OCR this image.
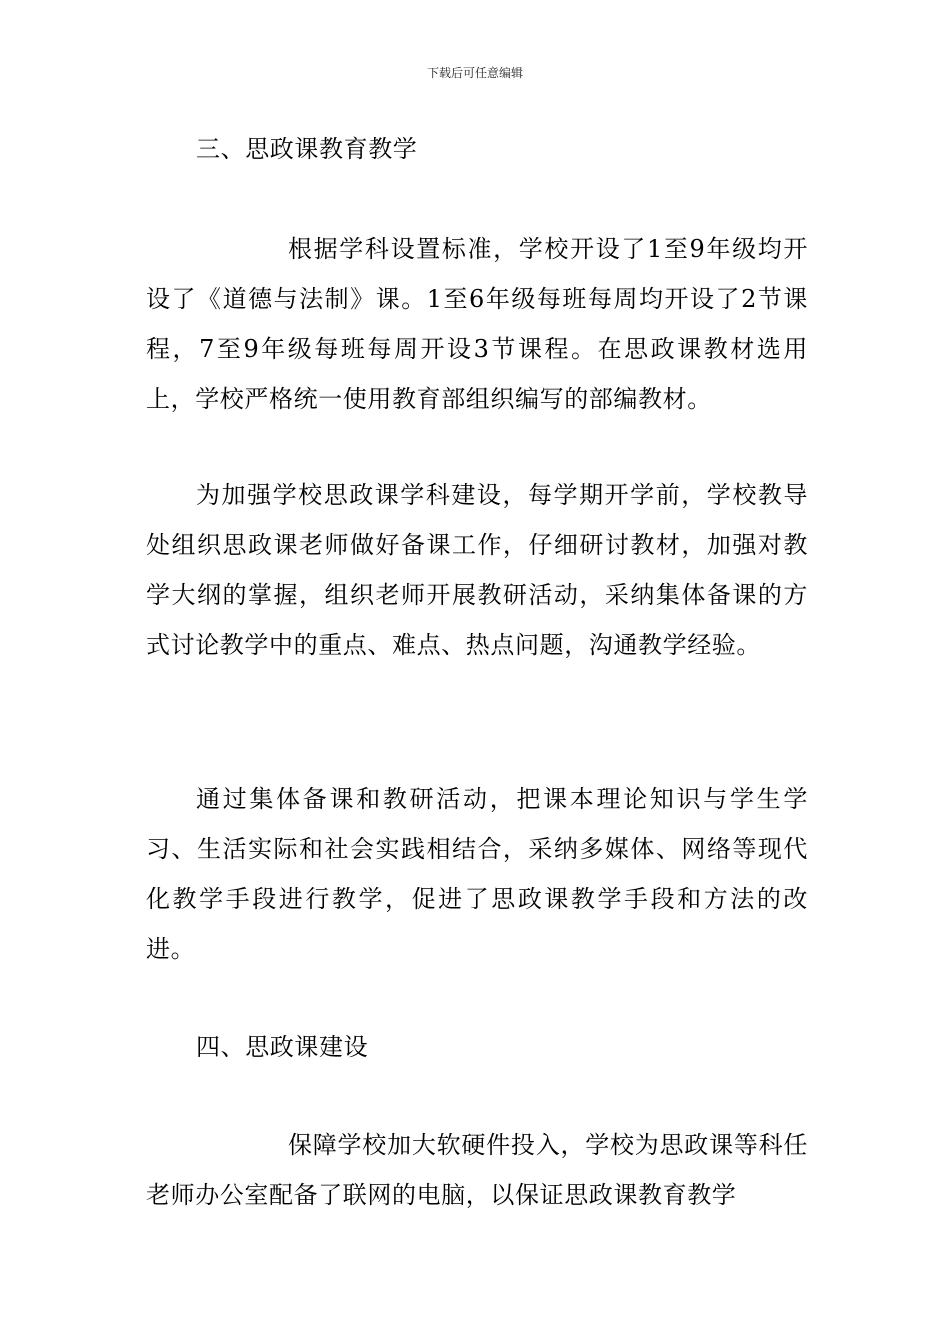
下载后可任意编辑

三、思政课教育教学

根据学科设置标准，学校开设了1至9年级均开设了《道德与法制》课。1至6年级每班每周均开设了2节课程，7至9年级每班每周开设3节课程。在思政课教材选用上，学校严格统一使用教育部组织编写的部编教材。

为加强学校思政课学科建设，每学期开学前，学校教导处组织思政课老师做好备课工作，仔细研讨教材，加强对教学大纲的掌握，组织老师开展教研活动，采纳集体备课的方式讨论教学中的重点、难点、热点问题，沟通教学经验。

通过集体备课和教研活动，把课本理论知识与学生学习、生活实际和社会实践相结合，采纳多媒体、网络等现代化教学手段进行教学，促进了思政课教学手段和方法的改进。

四、思政课建设

保障学校加大软硬件投入，学校为思政课等科任老师办公室配备了联网的电脑，以保证思政课教育教学
